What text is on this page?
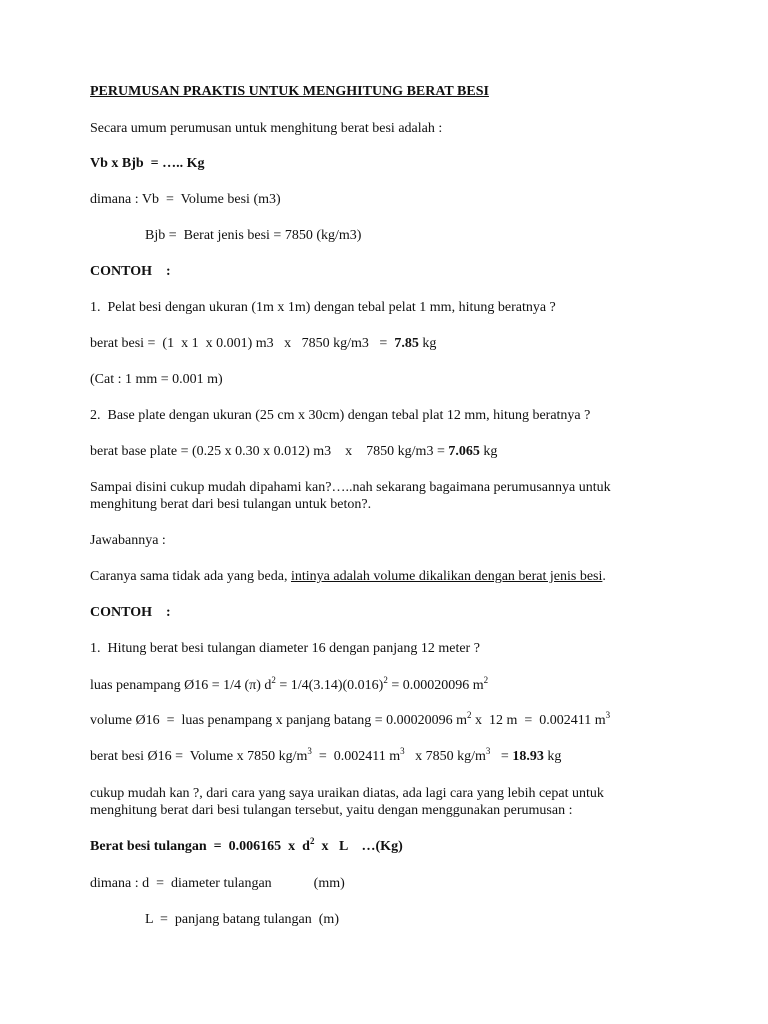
PERUMUSAN PRAKTIS UNTUK MENGHITUNG BERAT BESI
Secara umum perumusan untuk menghitung berat besi adalah :
Vb x Bjb  = ….. Kg
dimana : Vb  =  Volume besi (m3)
Bjb =  Berat jenis besi = 7850 (kg/m3)
CONTOH    :
1.  Pelat besi dengan ukuran (1m x 1m) dengan tebal pelat 1 mm, hitung beratnya ?
berat besi =  (1  x 1  x 0.001) m3   x   7850 kg/m3   =  7.85 kg
(Cat : 1 mm = 0.001 m)
2.  Base plate dengan ukuran (25 cm x 30cm) dengan tebal plat 12 mm, hitung beratnya ?
berat base plate = (0.25 x 0.30 x 0.012) m3    x    7850 kg/m3 = 7.065 kg
Sampai disini cukup mudah dipahami kan?…..nah sekarang bagaimana perumusannya untuk
menghitung berat dari besi tulangan untuk beton?.
Jawabannya :
Caranya sama tidak ada yang beda, intinya adalah volume dikalikan dengan berat jenis besi.
CONTOH    :
1.  Hitung berat besi tulangan diameter 16 dengan panjang 12 meter ?
luas penampang Ø16 = 1/4 (π) $d^2 = 1/4(3.14)(0.016)^2 = 0.00020096$ $m^2$
volume Ø16  =  luas penampang x panjang batang = 0.00020096 $m^2$ x  12 m  =  0.002411 $m^3$
berat besi Ø16 =  Volume x 7850 $kg/m^3 = 0.002411$ $m^3$   x 7850 $kg/m^3 = 18.93$ kg
cukup mudah kan ?, dari cara yang saya uraikan diatas, ada lagi cara yang lebih cepat untuk
menghitung berat dari besi tulangan tersebut, yaitu dengan menggunakan perumusan :
Berat besi tulangan  =  0.006165  x  $d^2$  x   L    …(Kg)
dimana : d  =  diameter tulangan            (mm)
L  =  panjang batang tulangan  (m)
